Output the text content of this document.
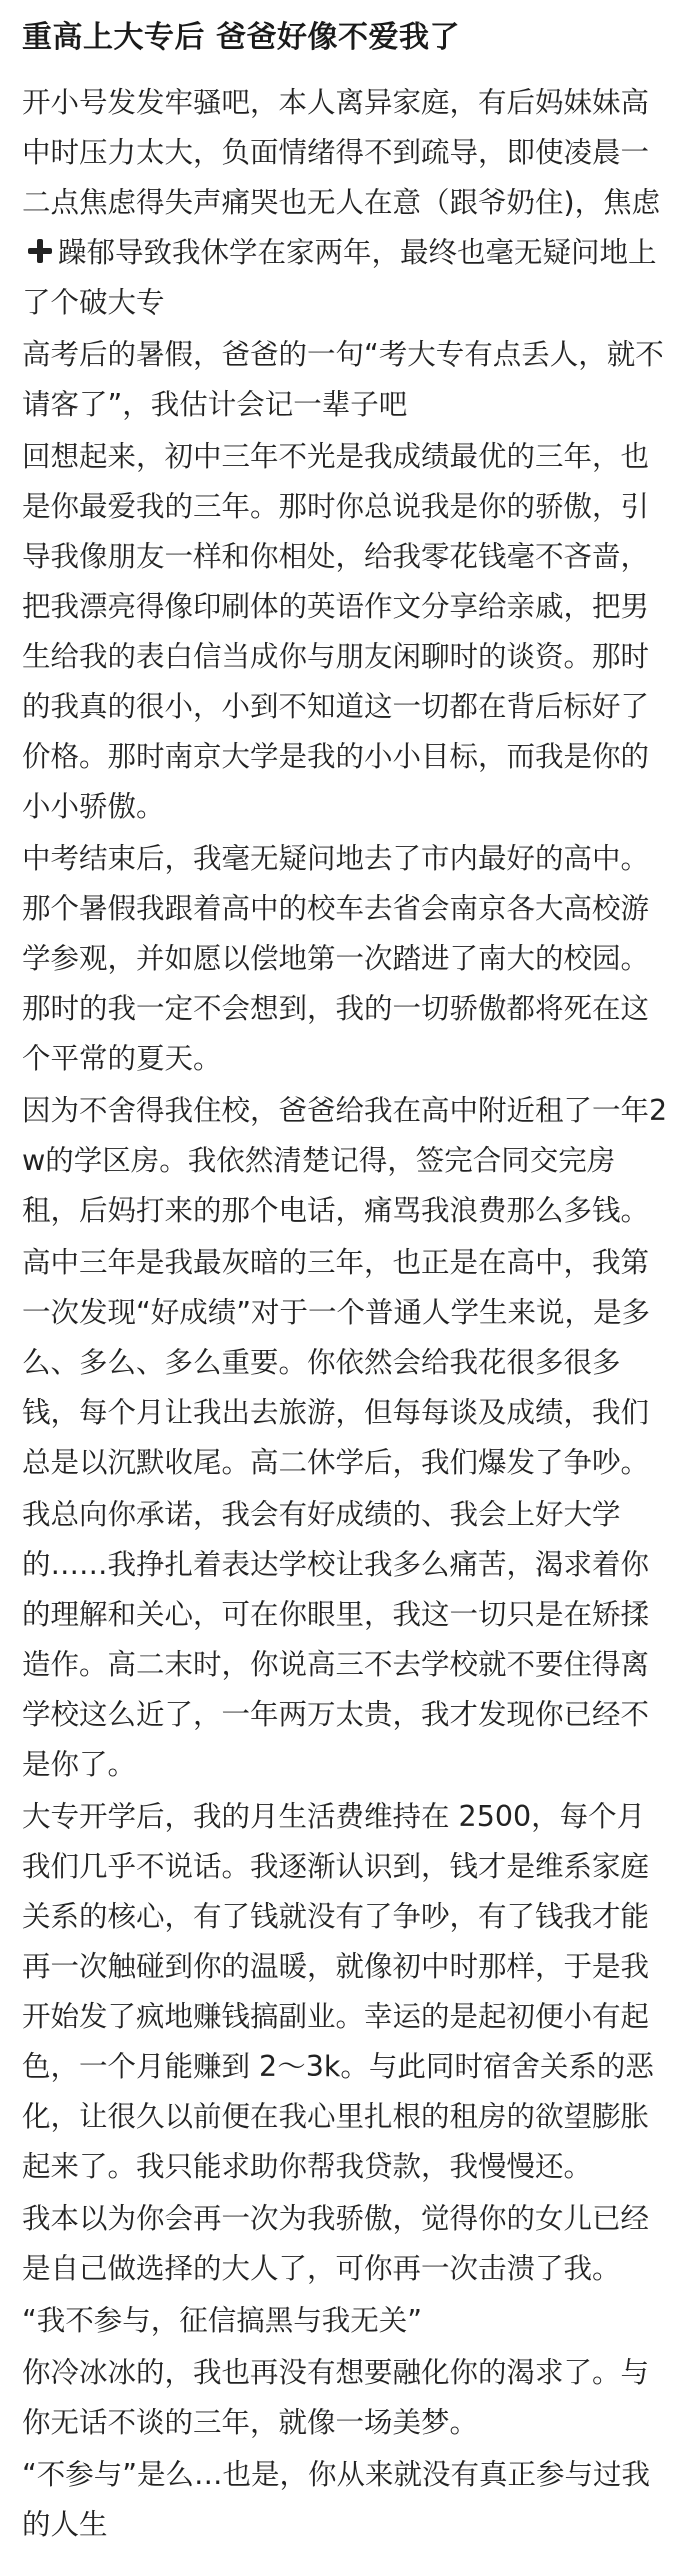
重高上大专后 爸爸好像不爱我了

开小号发发牢骚吧，本人离异家庭，有后妈妹妹高中时压力太大，负面情绪得不到疏导，即使凌晨一二点焦虑得失声痛哭也无人在意（跟爷奶住)，焦虑躁郁导致我休学在家两年，最终也毫无疑问地上了个破大专

高考后的暑假，爸爸的一句“考大专有点丢人，就不请客了”，我估计会记一辈子吧

回想起来，初中三年不光是我成绩最优的三年，也是你最爱我的三年。那时你总说我是你的骄傲，引导我像朋友一样和你相处，给我零花钱毫不吝啬，把我漂亮得像印刷体的英语作文分享给亲戚，把男生给我的表白信当成你与朋友闲聊时的谈资。那时的我真的很小，小到不知道这一切都在背后标好了价格。那时南京大学是我的小小目标，而我是你的小小骄傲。

中考结束后，我毫无疑问地去了市内最好的高中。那个暑假我跟着高中的校车去省会南京各大高校游学参观，并如愿以偿地第一次踏进了南大的校园。那时的我一定不会想到，我的一切骄傲都将死在这个平常的夏天。

因为不舍得我住校，爸爸给我在高中附近租了一年2w的学区房。我依然清楚记得，签完合同交完房租，后妈打来的那个电话，痛骂我浪费那么多钱。

高中三年是我最灰暗的三年，也正是在高中，我第一次发现“好成绩”对于一个普通人学生来说，是多么、多么、多么重要。你依然会给我花很多很多钱，每个月让我出去旅游，但每每谈及成绩，我们总是以沉默收尾。高二休学后，我们爆发了争吵。

我总向你承诺，我会有好成绩的、我会上好大学的……我挣扎着表达学校让我多么痛苦，渴求着你的理解和关心，可在你眼里，我这一切只是在矫揉造作。高二末时，你说高三不去学校就不要住得离学校这么近了，一年两万太贵，我才发现你已经不是你了。

大专开学后，我的月生活费维持在 2500，每个月我们几乎不说话。我逐渐认识到，钱才是维系家庭关系的核心，有了钱就没有了争吵，有了钱我才能再一次触碰到你的温暖，就像初中时那样，于是我开始发了疯地赚钱搞副业。幸运的是起初便小有起色，一个月能赚到 2～3k。与此同时宿舍关系的恶化，让很久以前便在我心里扎根的租房的欲望膨胀起来了。我只能求助你帮我贷款，我慢慢还。

我本以为你会再一次为我骄傲，觉得你的女儿已经是自己做选择的大人了，可你再一次击溃了我。

“我不参与，征信搞黑与我无关”

你冷冰冰的，我也再没有想要融化你的渴求了。与你无话不谈的三年，就像一场美梦。

“不参与”是么…也是，你从来就没有真正参与过我的人生
